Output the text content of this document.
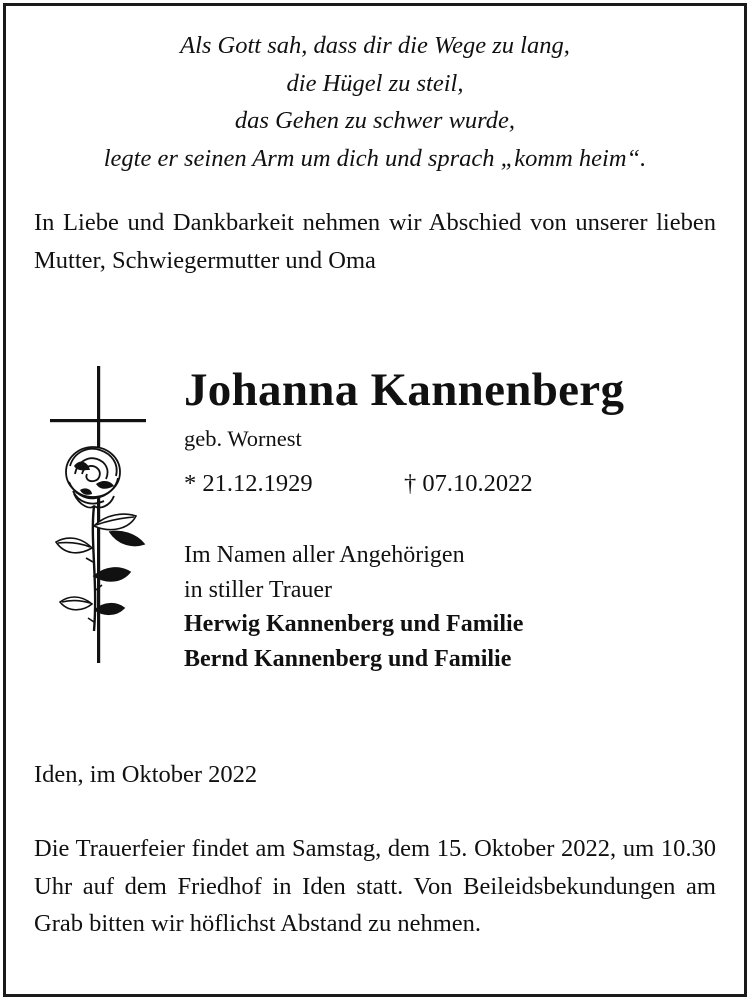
Als Gott sah, dass dir die Wege zu lang,
die Hügel zu steil,
das Gehen zu schwer wurde,
legte er seinen Arm um dich und sprach „komm heim“.
In Liebe und Dankbarkeit nehmen wir Abschied von unserer lieben Mutter, Schwiegermutter und Oma
Johanna Kannenberg
geb. Wornest
* 21.12.1929	† 07.10.2022
Im Namen aller Angehörigen
in stiller Trauer
Herwig Kannenberg und Familie
Bernd Kannenberg und Familie
Iden, im Oktober 2022
Die Trauerfeier findet am Samstag, dem 15. Oktober 2022, um 10.30 Uhr auf dem Friedhof in Iden statt. Von Beileidsbekundungen am Grab bitten wir höflichst Abstand zu nehmen.
